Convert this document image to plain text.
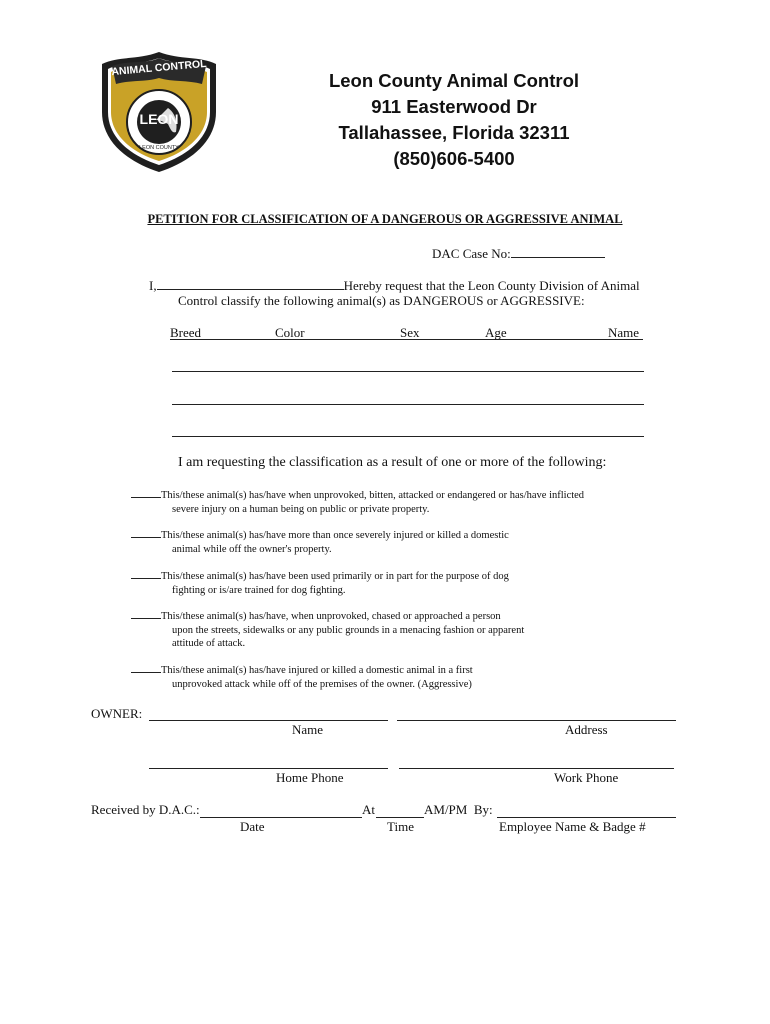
ANIMAL CONTROL
LEON
LEON COUNTY
Leon County Animal Control
911 Easterwood Dr
Tallahassee, Florida 32311
(850)606-5400
PETITION FOR CLASSIFICATION OF A DANGEROUS OR AGGRESSIVE ANIMAL
DAC Case No:
I,	Hereby request that the Leon County Division of Animal
Control classify the following animal(s) as DANGEROUS or AGGRESSIVE:
Breed	Color	Sex	Age	Name
I am requesting the classification as a result of one or more of the following:
This/these animal(s) has/have when unprovoked, bitten, attacked or endangered or has/have inflicted
severe injury on a human being on public or private property.
This/these animal(s) has/have more than once severely injured or killed a domestic
animal while off the owner's property.
This/these animal(s) has/have been used primarily or in part for the purpose of dog
fighting or is/are trained for dog fighting.
This/these animal(s) has/have, when unprovoked, chased or approached a person
upon the streets, sidewalks or any public grounds in a menacing fashion or apparent
attitude of attack.
This/these animal(s) has/have injured or killed a domestic animal in a first
unprovoked attack while off of the premises of the owner. (Aggressive)
OWNER:
Name	Address
Home Phone	Work Phone
Received by D.A.C.:	At	AM/PM  By:
Date	Time	Employee Name & Badge #
